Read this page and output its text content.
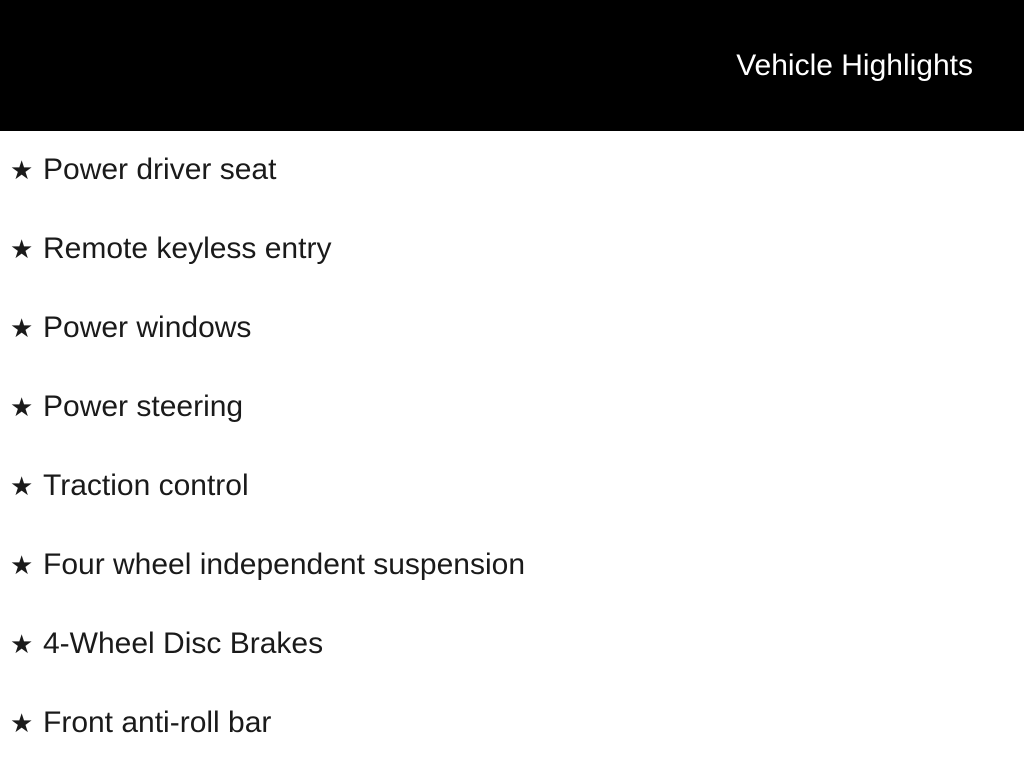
Vehicle Highlights
★ Power driver seat
★ Remote keyless entry
★ Power windows
★ Power steering
★ Traction control
★ Four wheel independent suspension
★ 4-Wheel Disc Brakes
★ Front anti-roll bar
